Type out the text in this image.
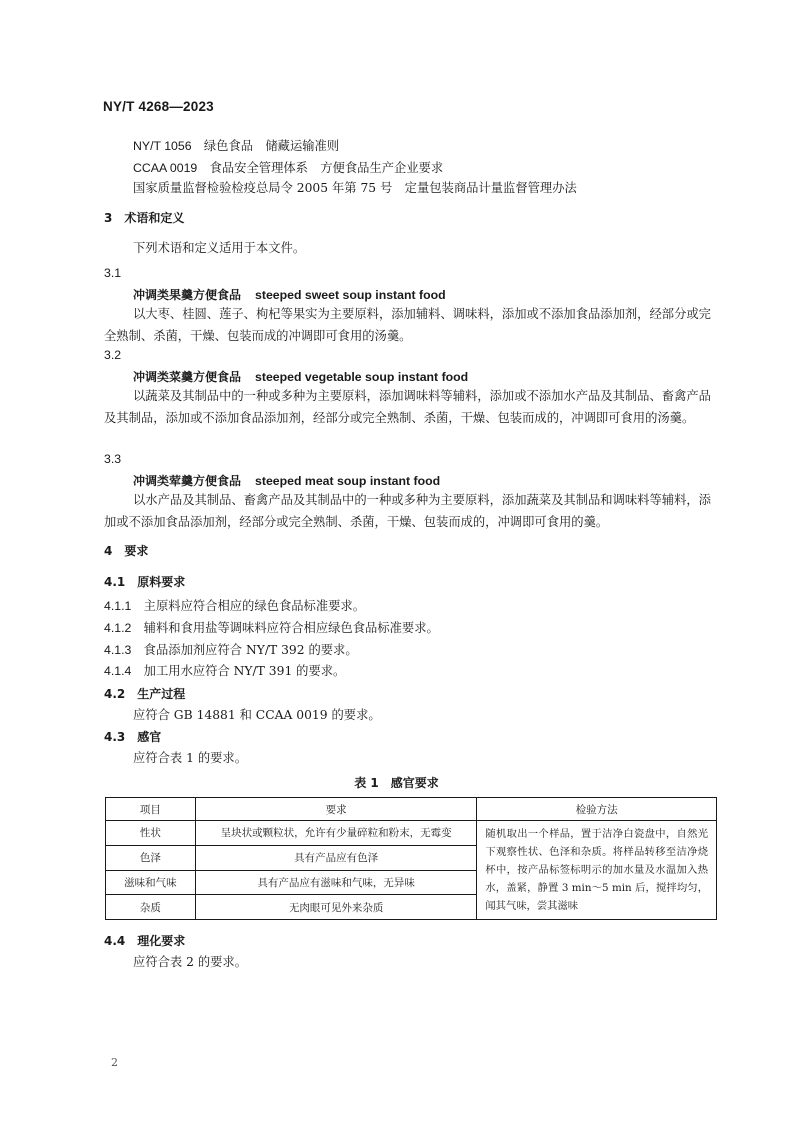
NY/T 4268—2023
NY/T 1056　 绿色食品　储藏运输准则
CCAA 0019　 食品安全管理体系　方便食品生产企业要求
国家质量监督检验检疫总局令 2005 年第 75 号　 定量包装商品计量监督管理办法
3　 术语和定义
下列术语和定义适用于本文件。
3.1
冲调类果羹方便食品 steeped sweet soup instant food
以大枣、桂圆、莲子、枸杞等果实为主要原料，添加辅料、调味料，添加或不添加食品添加剂，经部分或完全熟制、杀菌，干燥、包装而成的冲调即可食用的汤羹。
3.2
冲调类菜羹方便食品 steeped vegetable soup instant food
以蔬菜及其制品中的一种或多种为主要原料，添加调味料等辅料，添加或不添加水产品及其制品、畜禽产品及其制品，添加或不添加食品添加剂，经部分或完全熟制、杀菌，干燥、包装而成的，冲调即可食用的汤羹。
3.3
冲调类荤羹方便食品 steeped meat soup instant food
以水产品及其制品、畜禽产品及其制品中的一种或多种为主要原料，添加蔬菜及其制品和调味料等辅料，添加或不添加食品添加剂，经部分或完全熟制、杀菌，干燥、包装而成的，冲调即可食用的羹。
4　 要求
4.1　 原料要求
4.1.1　 主原料应符合相应的绿色食品标准要求。
4.1.2　 辅料和食用盐等调味料应符合相应绿色食品标准要求。
4.1.3　 食品添加剂应符合 NY/T 392 的要求。
4.1.4　 加工用水应符合 NY/T 391 的要求。
4.2　 生产过程
应符合 GB 14881 和 CCAA 0019 的要求。
4.3　 感官
应符合表 1 的要求。
表 1　感官要求
项目	要求	检验方法
性状	呈块状或颗粒状，允许有少量碎粒和粉末，无霉变	随机取出一个样品，置于洁净白瓷盘中，自然光下观察性状、色泽和杂质。将样品转移至洁净烧杯中，按产品标签标明示的加水量及水温加入热水，盖紧，静置 3 min～5 min 后，搅拌均匀，闻其气味，尝其滋味
色泽	具有产品应有色泽	
滋味和气味	具有产品应有滋味和气味，无异味	
杂质	无肉眼可见外来杂质	
4.4　 理化要求
应符合表 2 的要求。
2
